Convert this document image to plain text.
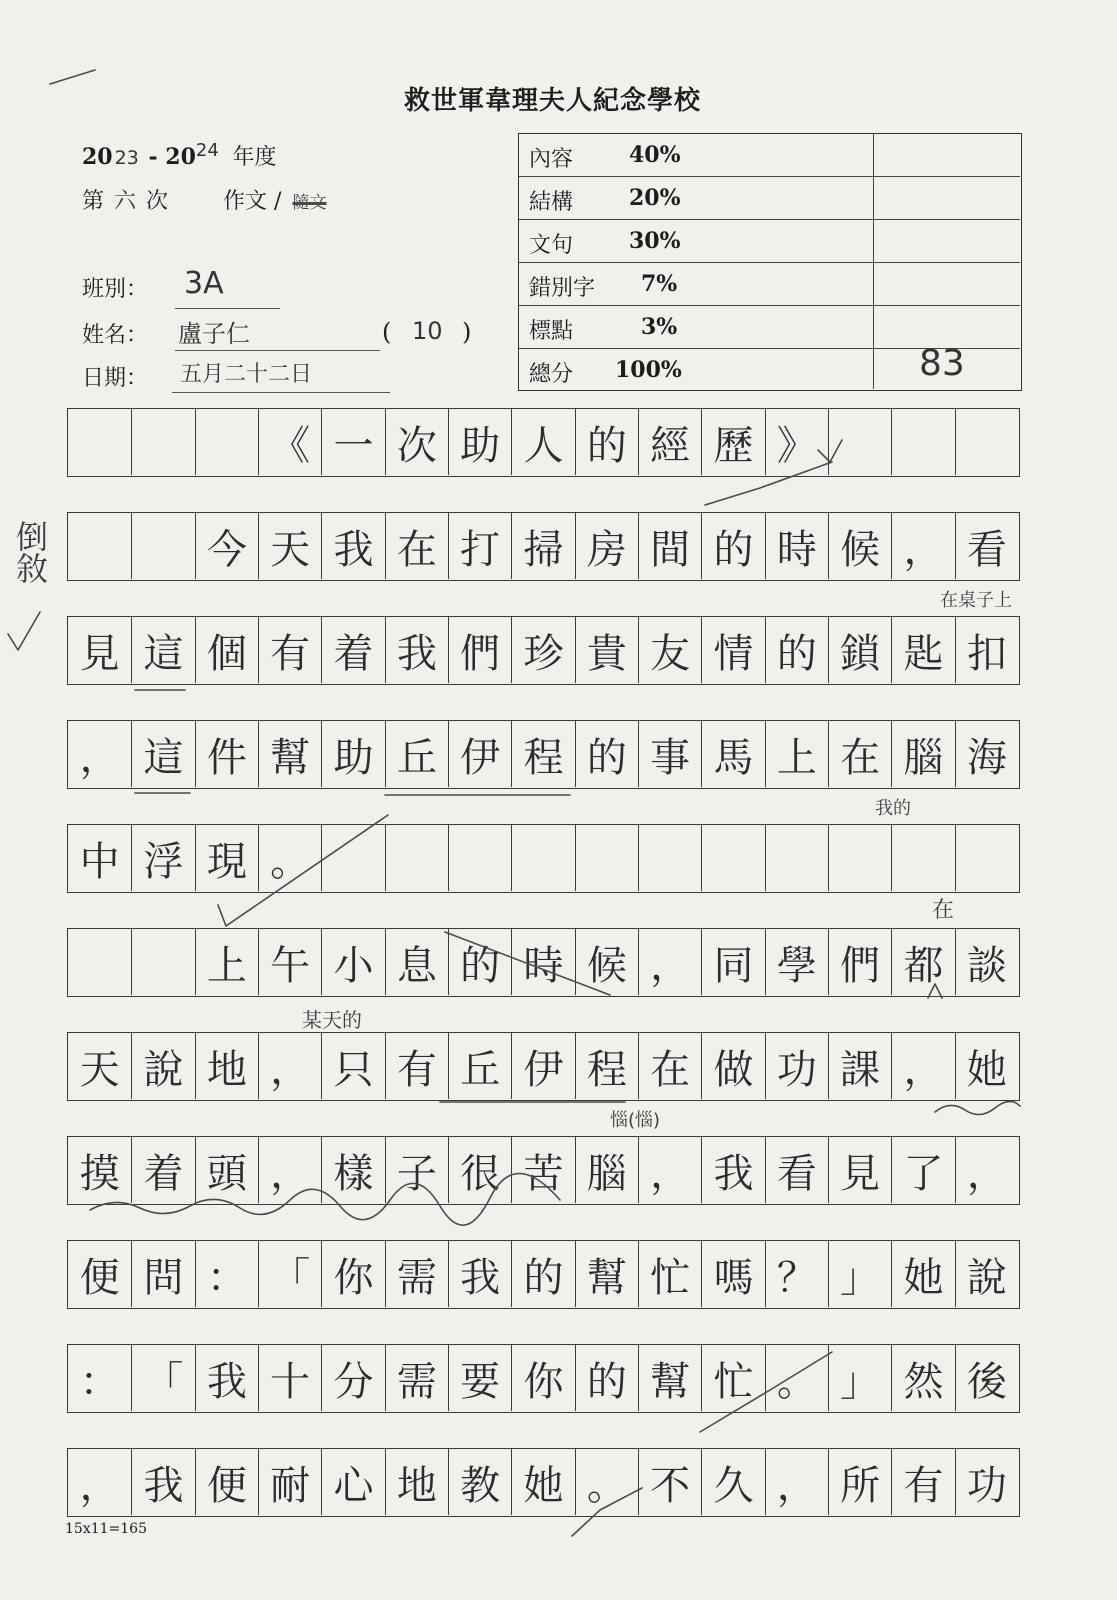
救世軍韋理夫人紀念學校
20 $23 - 20^{24}$ 年度
第 六 次	作文 / 隨文
班別： 3A
姓名： 盧子仁	( 10 )
日期： 五月二十二日
內容	40%
結構	20%
文句	30%
錯別字 7%
標點	3%
總分 100%	83
《 一 次 助 人 的 經 歷 》
今 天 我 在 打 掃 房 間 的 時 候 ， 看
見 這 個 有 着 我 們 珍 貴 友 情 的 鎖 匙 扣
， 這 件 幫 助 丘 伊 程 的 事 馬 上 在 腦 海
中 浮 現 。
上 午 小 息 的 時 候 ， 同 學 們 都 談
天 說 地 ， 只 有 丘 伊 程 在 做 功 課 ， 她
摸 着 頭 ， 樣 子 很 苦 腦 ， 我 看 見 了 ，
便 問 ： 「 你 需 我 的 幫 忙 嗎 ？ 」 她 說
： 「 我 十 分 需 要 你 的 幫 忙 。 」 然 後
， 我 便 耐 心 地 教 她 。 不 久 ， 所 有 功
倒敘
在桌子上
我的
在
某天的
惱(惱)
15x11=165
